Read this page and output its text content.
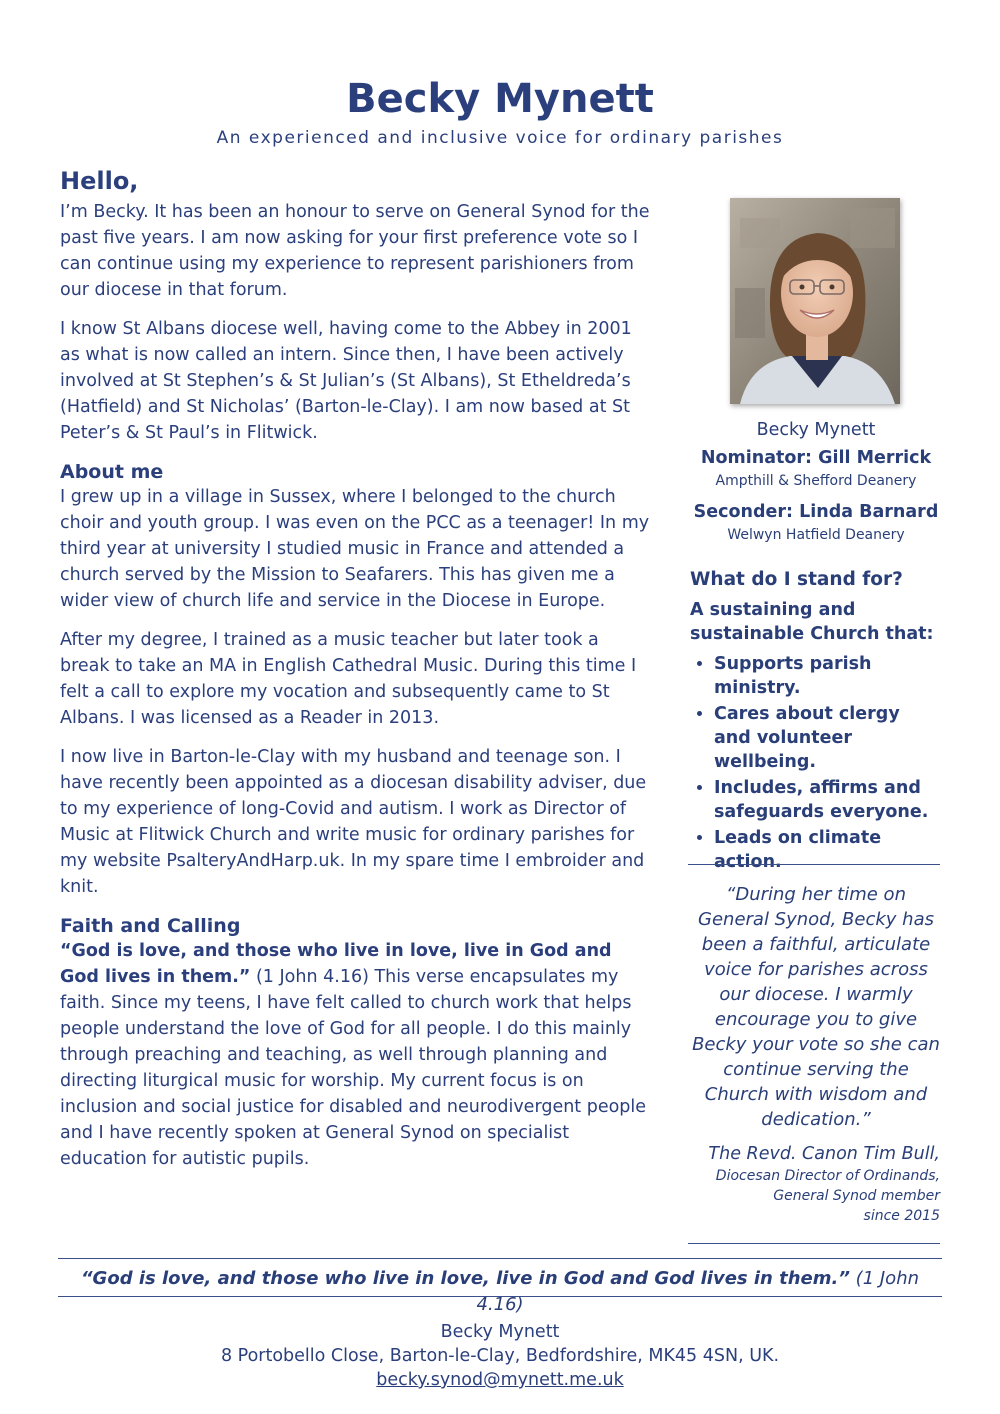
Becky Mynett
An experienced and inclusive voice for ordinary parishes
Hello,

I’m Becky. It has been an honour to serve on General Synod for the past five years. I am now asking for your first preference vote so I can continue using my experience to represent parishioners from our diocese in that forum.

I know St Albans diocese well, having come to the Abbey in 2001 as what is now called an intern. Since then, I have been actively involved at St Stephen’s & St Julian’s (St Albans), St Etheldreda’s (Hatfield) and St Nicholas’ (Barton-le-Clay). I am now based at St Peter’s & St Paul’s in Flitwick.

About me

I grew up in a village in Sussex, where I belonged to the church choir and youth group. I was even on the PCC as a teenager! In my third year at university I studied music in France and attended a church served by the Mission to Seafarers. This has given me a wider view of church life and service in the Diocese in Europe.

After my degree, I trained as a music teacher but later took a break to take an MA in English Cathedral Music. During this time I felt a call to explore my vocation and subsequently came to St Albans. I was licensed as a Reader in 2013.

I now live in Barton-le-Clay with my husband and teenage son. I have recently been appointed as a diocesan disability adviser, due to my experience of long-Covid and autism. I work as Director of Music at Flitwick Church and write music for ordinary parishes for my website PsalteryAndHarp.uk. In my spare time I embroider and knit.

Faith and Calling

“God is love, and those who live in love, live in God and God lives in them.” (1 John 4.16) This verse encapsulates my faith. Since my teens, I have felt called to church work that helps people understand the love of God for all people. I do this mainly through preaching and teaching, as well through planning and directing liturgical music for worship. My current focus is on inclusion and social justice for disabled and neurodivergent people and I have recently spoken at General Synod on specialist education for autistic pupils.

Becky Mynett
Nominator: Gill Merrick
Ampthill & Shefford Deanery
Seconder: Linda Barnard
Welwyn Hatfield Deanery
What do I stand for?
A sustaining and sustainable Church that:
• Supports parish ministry.
• Cares about clergy and volunteer wellbeing.
• Includes, affirms and safeguards everyone.
• Leads on climate action.
“During her time on General Synod, Becky has been a faithful, articulate voice for parishes across our diocese. I warmly encourage you to give Becky your vote so she can continue serving the Church with wisdom and dedication.”
The Revd. Canon Tim Bull,
Diocesan Director of Ordinands,
General Synod member
since 2015
“God is love, and those who live in love, live in God and God lives in them.” (1 John 4.16)
Becky Mynett
8 Portobello Close, Barton-le-Clay, Bedfordshire, MK45 4SN, UK.
becky.synod@mynett.me.uk
